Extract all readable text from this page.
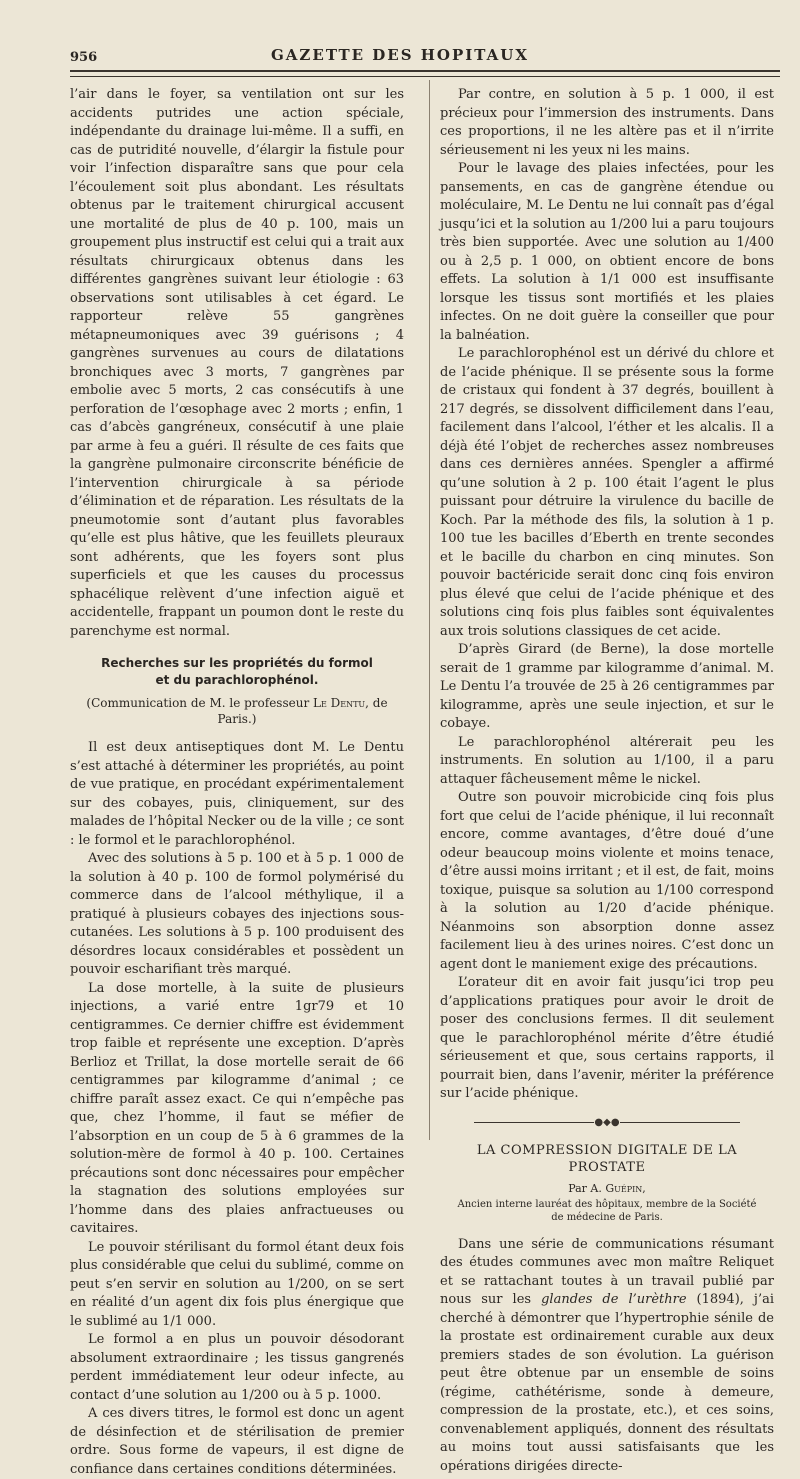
956	GAZETTE DES HOPITAUX

l’air dans le foyer, sa ventilation ont sur les accidents putrides une action spéciale, indépendante du drainage lui-même. Il a suffi, en cas de putridité nouvelle, d’élargir la fistule pour voir l’infection disparaître sans que pour cela l’écoulement soit plus abondant. Les résultats obtenus par le traitement chirurgical accusent une mortalité de plus de 40 p. 100, mais un groupement plus instructif est celui qui a trait aux résultats chirurgicaux obtenus dans les différentes gangrènes suivant leur étiologie : 63 observations sont utilisables à cet égard. Le rapporteur relève 55 gangrènes métapneumoniques avec 39 guérisons ; 4 gangrènes survenues au cours de dilatations bronchiques avec 3 morts, 7 gangrènes par embolie avec 5 morts, 2 cas consécutifs à une perforation de l’œsophage avec 2 morts ; enfin, 1 cas d’abcès gangréneux, consécutif à une plaie par arme à feu a guéri. Il résulte de ces faits que la gangrène pulmonaire circonscrite bénéficie de l’intervention chirurgicale à sa période d’élimination et de réparation. Les résultats de la pneumotomie sont d’autant plus favorables qu’elle est plus hâtive, que les feuillets pleuraux sont adhérents, que les foyers sont plus superficiels et que les causes du processus sphacélique relèvent d’une infection aiguë et accidentelle, frappant un poumon dont le reste du parenchyme est normal.

Recherches sur les propriétés du formol
et du parachlorophénol.
(Communication de M. le professeur Le Dentu, de Paris.)

Il est deux antiseptiques dont M. Le Dentu s’est attaché à déterminer les propriétés, au point de vue pratique, en procédant expérimentalement sur des cobayes, puis, cliniquement, sur des malades de l’hôpital Necker ou de la ville ; ce sont : le formol et le parachlorophénol.

Avec des solutions à 5 p. 100 et à 5 p. 1 000 de la solution à 40 p. 100 de formol polymérisé du commerce dans de l’alcool méthylique, il a pratiqué à plusieurs cobayes des injections sous-cutanées. Les solutions à 5 p. 100 produisent des désordres locaux considérables et possèdent un pouvoir escharifiant très marqué.

La dose mortelle, à la suite de plusieurs injections, a varié entre 1gr79 et 10 centigrammes. Ce dernier chiffre est évidemment trop faible et représente une exception. D’après Berlioz et Trillat, la dose mortelle serait de 66 centigrammes par kilogramme d’animal ; ce chiffre paraît assez exact. Ce qui n’empêche pas que, chez l’homme, il faut se méfier de l’absorption en un coup de 5 à 6 grammes de la solution-mère de formol à 40 p. 100. Certaines précautions sont donc nécessaires pour empêcher la stagnation des solutions employées sur l’homme dans des plaies anfractueuses ou cavitaires.

Le pouvoir stérilisant du formol étant deux fois plus considérable que celui du sublimé, comme on peut s’en servir en solution au 1/200, on se sert en réalité d’un agent dix fois plus énergique que le sublimé au 1/1 000.

Le formol a en plus un pouvoir désodorant absolument extraordinaire ; les tissus gangrenés perdent immédiatement leur odeur infecte, au contact d’une solution au 1/200 ou à 5 p. 1000.

A ces divers titres, le formol est donc un agent de désinfection et de stérilisation de premier ordre. Sous forme de vapeurs, il est digne de confiance dans certaines conditions déterminées.

Par contre, en solution à 5 p. 1 000, il est précieux pour l’immersion des instruments. Dans ces proportions, il ne les altère pas et il n’irrite sérieusement ni les yeux ni les mains.

Pour le lavage des plaies infectées, pour les pansements, en cas de gangrène étendue ou moléculaire, M. Le Dentu ne lui connaît pas d’égal jusqu’ici et la solution au 1/200 lui a paru toujours très bien supportée. Avec une solution au 1/400 ou à 2,5 p. 1 000, on obtient encore de bons effets. La solution à 1/1 000 est insuffisante lorsque les tissus sont mortifiés et les plaies infectes. On ne doit guère la conseiller que pour la balnéation.

Le parachlorophénol est un dérivé du chlore et de l’acide phénique. Il se présente sous la forme de cristaux qui fondent à 37 degrés, bouillent à 217 degrés, se dissolvent difficilement dans l’eau, facilement dans l’alcool, l’éther et les alcalis. Il a déjà été l’objet de recherches assez nombreuses dans ces dernières années. Spengler a affirmé qu’une solution à 2 p. 100 était l’agent le plus puissant pour détruire la virulence du bacille de Koch. Par la méthode des fils, la solution à 1 p. 100 tue les bacilles d’Eberth en trente secondes et le bacille du charbon en cinq minutes. Son pouvoir bactéricide serait donc cinq fois environ plus élevé que celui de l’acide phénique et des solutions cinq fois plus faibles sont équivalentes aux trois solutions classiques de cet acide.

D’après Girard (de Berne), la dose mortelle serait de 1 gramme par kilogramme d’animal. M. Le Dentu l’a trouvée de 25 à 26 centigrammes par kilogramme, après une seule injection, et sur le cobaye.

Le parachlorophénol altérerait peu les instruments. En solution au 1/100, il a paru attaquer fâcheusement même le nickel.

Outre son pouvoir microbicide cinq fois plus fort que celui de l’acide phénique, il lui reconnaît encore, comme avantages, d’être doué d’une odeur beaucoup moins violente et moins tenace, d’être aussi moins irritant ; et il est, de fait, moins toxique, puisque sa solution au 1/100 correspond à la solution au 1/20 d’acide phénique. Néanmoins son absorption donne assez facilement lieu à des urines noires. C’est donc un agent dont le maniement exige des précautions.

L’orateur dit en avoir fait jusqu’ici trop peu d’applications pratiques pour avoir le droit de poser des conclusions fermes. Il dit seulement que le parachlorophénol mérite d’être étudié sérieusement et que, sous certains rapports, il pourrait bien, dans l’avenir, mériter la préférence sur l’acide phénique.

●◆●
LA COMPRESSION DIGITALE DE LA PROSTATE
Par A. Guépin,
Ancien interne lauréat des hôpitaux, membre de la Société de médecine de Paris.

Dans une série de communications résumant des études communes avec mon maître Reliquet et se rattachant toutes à un travail publié par nous sur les glandes de l’urèthre (1894), j’ai cherché à démontrer que l’hypertrophie sénile de la prostate est ordinairement curable aux deux premiers stades de son évolution. La guérison peut être obtenue par un ensemble de soins (régime, cathétérisme, sonde à demeure, compression de la prostate, etc.), et ces soins, convenablement appliqués, donnent des résultats au moins tout aussi satisfaisants que les opérations dirigées directe-
